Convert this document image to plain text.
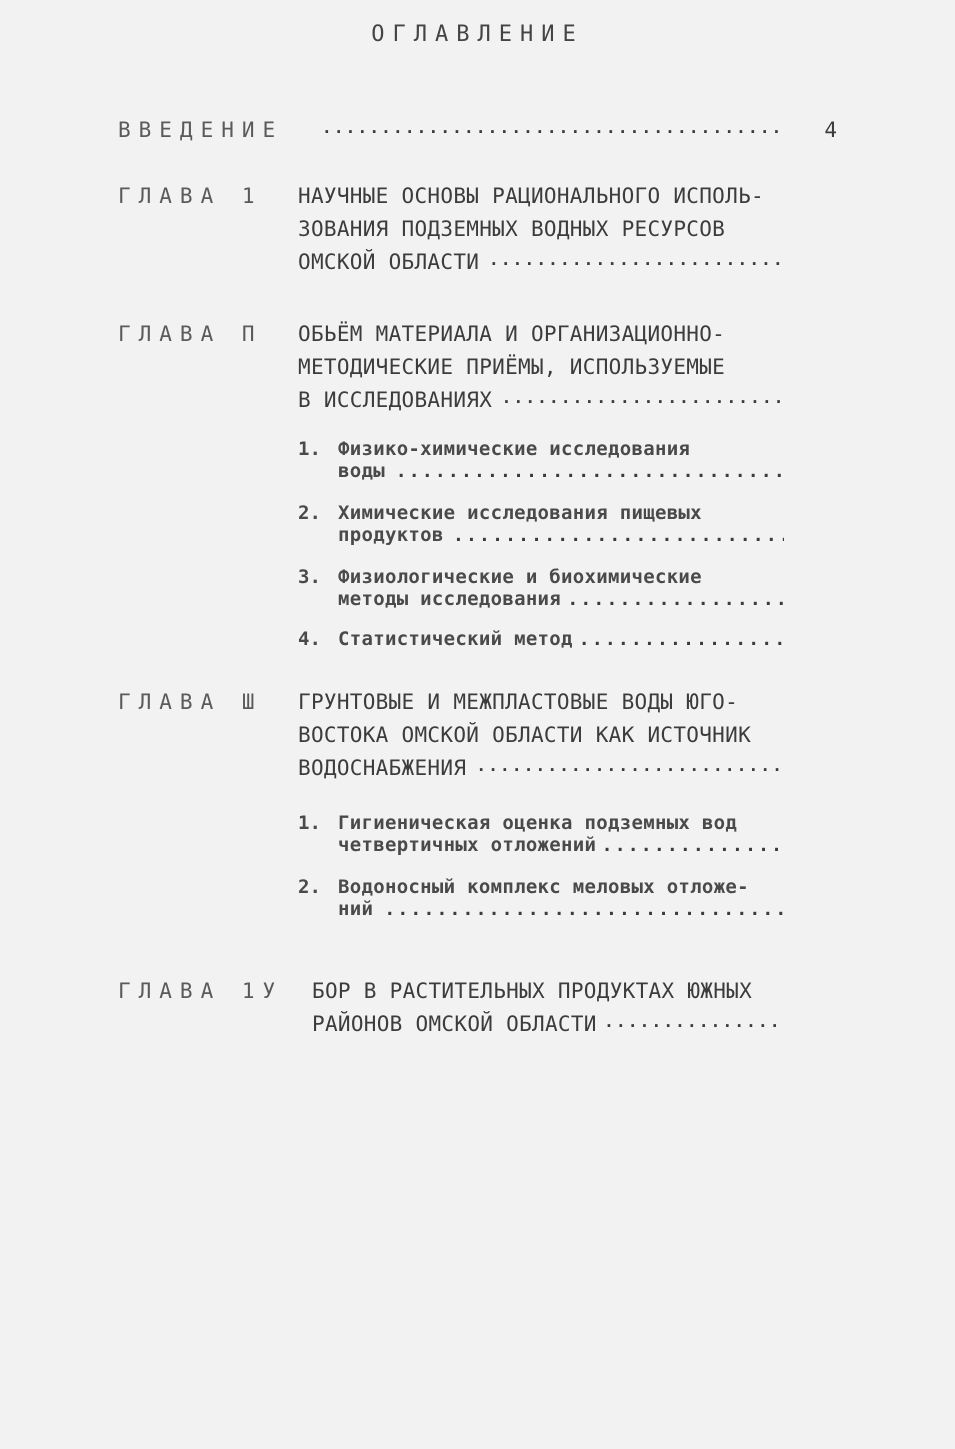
ОГЛАВЛЕНИЕ
ВВЕДЕНИЕ
.....	4
ГЛАВА 1 НАУЧНЫЕ ОСНОВЫ РАЦИОНАЛЬНОГО ИСПОЛЬ-
ЗОВАНИЯ ПОДЗЕМНЫХ ВОДНЫХ РЕСУРСОВ
ОМСКОЙ ОБЛАСТИ
.....
ГЛАВА П ОБЬЁМ МАТЕРИАЛА И ОРГАНИЗАЦИОННО-
МЕТОДИЧЕСКИЕ ПРИЁМЫ, ИСПОЛЬЗУЕМЫЕ
В ИССЛЕДОВАНИЯХ
.....
1. Физико-химические исследования
воды
.....
2. Химические исследования пищевых
продуктов
.....
3. Физиологические и биохимические
методы исследования
.....
4. Статистический метод
.....
ГЛАВА Ш ГРУНТОВЫЕ И МЕЖПЛАСТОВЫЕ ВОДЫ ЮГО-
ВОСТОКА ОМСКОЙ ОБЛАСТИ КАК ИСТОЧНИК
ВОДОСНАБЖЕНИЯ
.....
1. Гигиеническая оценка подземных вод
четвертичных отложений
.....
2. Водоносный комплекс меловых отложе-
ний
.....
ГЛАВА 1У БОР В РАСТИТЕЛЬНЫХ ПРОДУКТАХ ЮЖНЫХ
РАЙОНОВ ОМСКОЙ ОБЛАСТИ
.....
